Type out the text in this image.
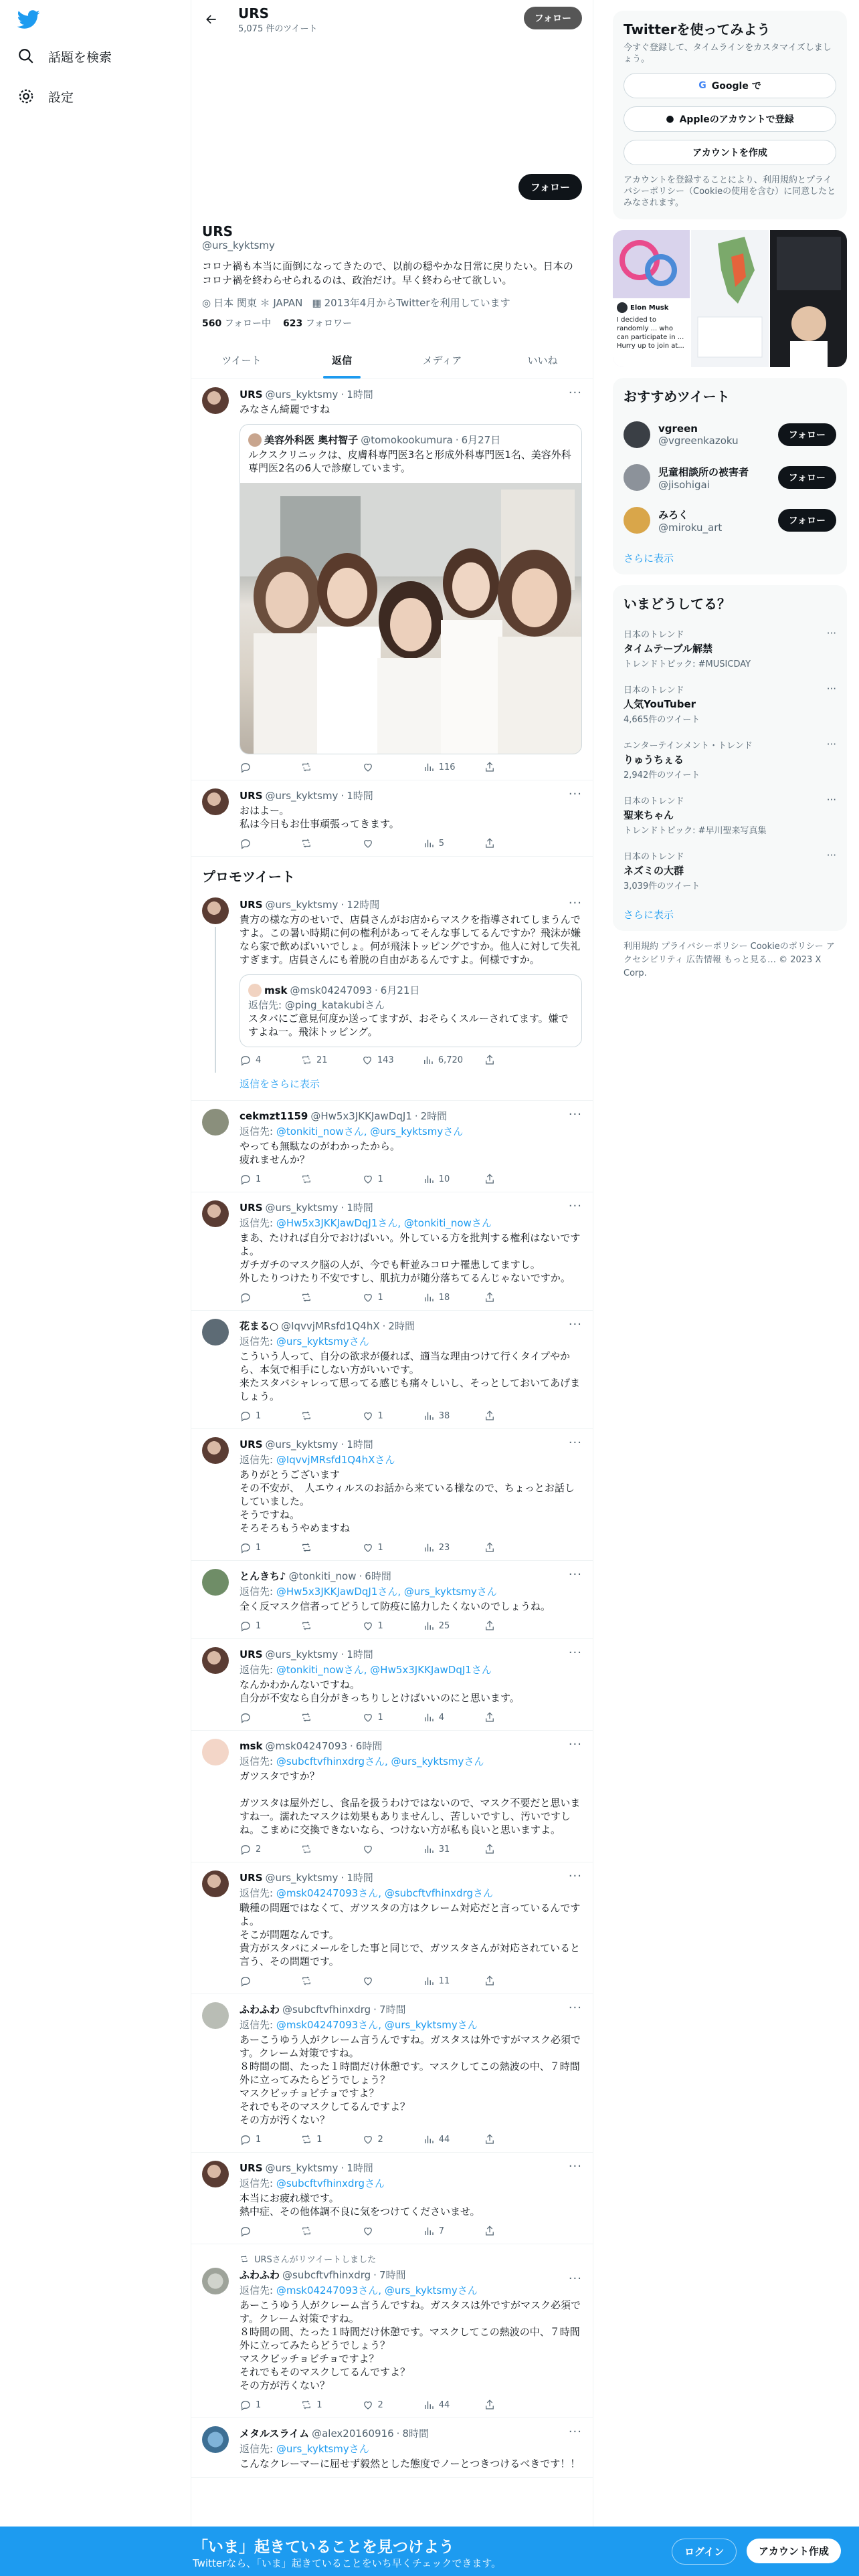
話題を検索
設定
URS
5,075 件のツイート
フォロー
フォロー
URS
@urs_kyktsmy
コロナ禍も本当に面倒になってきたので、以前の穏やかな日常に戻りたい。日本のコロナ禍を終わらせられるのは、政治だけ。早く終わらせて欲しい。
◎ 日本 関東 ＊ JAPAN ▦ 2013年4月からTwitterを利用しています
560 フォロー中 623 フォロワー
ツイート	返信	メディア	いいね
···
URS @urs_kyktsmy · 1時間
みなさん綺麗ですね
美容外科医 奥村智子 @tomokookumura · 6月27日
ルクスクリニックは、皮膚科専門医3名と形成外科専門医1名、美容外科専門医2名の6人で診療しています。
116
···
URS @urs_kyktsmy · 1時間
おはよー。
私は今日もお仕事頑張ってきます。
5
プロモツイート
···
URS @urs_kyktsmy · 12時間
貴方の様な方のせいで、店員さんがお店からマスクを指導されてしまうんですよ。この暑い時期に何の権利があってそんな事してるんですか？飛沫が嫌なら家で飲めばいいでしょ。何が飛沫トッピングですか。他人に対して失礼すぎます。店員さんにも着脱の自由があるんですよ。何様ですか。
msk @msk04247093 · 6月21日
返信先: @ping_katakubiさん
スタバにご意見何度か送ってますが、おそらくスルーされてます。嫌ですよね一。飛沫トッピング。
4	21	143	6,720
返信をさらに表示
···
cekmzt1159 @Hw5x3JKKJawDqJ1 · 2時間
返信先: @tonkiti_nowさん, @urs_kyktsmyさん
やっても無駄なのがわかったから。
疲れませんか？
1	1	10
···
URS @urs_kyktsmy · 1時間
返信先: @Hw5x3JKKJawDqJ1さん, @tonkiti_nowさん
まあ、たければ自分でおけばいい。外している方を批判する権利はないですよ。
ガチガチのマスク脳の人が、今でも軒並みコロナ罹患してますし。
外したりつけたり不安ですし、肌抗力が随分落ちてるんじゃないですか。
1	18
···
花まる○ @IqvvjMRsfd1Q4hX · 2時間
返信先: @urs_kyktsmyさん
こういう人って、自分の欲求が優れば、適当な理由つけて行くタイプやから、本気で相手にしない方がいいです。
来たスタバシャレって思ってる感じも痛々しいし、そっとしておいてあげましょう。
1	1	38
···
URS @urs_kyktsmy · 1時間
返信先: @IqvvjMRsfd1Q4hXさん
ありがとうございます
その不安が、　人エウィルスのお話から来ている様なので、ちょっとお話ししていました。
そうですね。
そろそろもうやめますね
1	1	23
···
とんきち♪ @tonkiti_now · 6時間
返信先: @Hw5x3JKKJawDqJ1さん, @urs_kyktsmyさん
全く反マスク信者ってどうして防疫に協力したくないのでしょうね。
1	1	25
···
URS @urs_kyktsmy · 1時間
返信先: @tonkiti_nowさん, @Hw5x3JKKJawDqJ1さん
なんかわかんないですね。
自分が不安なら自分がきっちりしとけばいいのにと思います。
1	4
···
msk @msk04247093 · 6時間
返信先: @subcftvfhinxdrgさん, @urs_kyktsmyさん
ガツスタですか？

ガツスタは屋外だし、食品を扱うわけではないので、マスク不要だと思いますね一。濡れたマスクは効果もありませんし、苦しいですし、汚いですしね。こまめに交換できないなら、つけない方が私も良いと思いますよ。
2	31
···
URS @urs_kyktsmy · 1時間
返信先: @msk04247093さん, @subcftvfhinxdrgさん
職種の問題ではなくて、ガツスタの方はクレーム対応だと言っているんですよ。
そこが問題なんです。
貴方がスタバにメールをした事と同じで、ガツスタさんが対応されていると言う、その問題です。
11
···
ふわふわ @subcftvfhinxdrg · 7時間
返信先: @msk04247093さん, @urs_kyktsmyさん
あーこうゆう人がクレーム言うんですね。ガスタスは外ですがマスク必須です。クレーム対策ですね。
８時間の間、たった１時間だけ休憩です。マスクしてこの熱波の中、７時間外に立ってみたらどうでしょう？
マスクビッチョビチョですよ？
それでもそのマスクしてるんですよ？
その方が汚くない？
1	1	2	44
···
URS @urs_kyktsmy · 1時間
返信先: @subcftvfhinxdrgさん
本当にお疲れ様です。
熱中症、その他体調不良に気をつけてくださいませ。
7
URSさんがリツイートしました
···
ふわふわ @subcftvfhinxdrg · 7時間
返信先: @msk04247093さん, @urs_kyktsmyさん
あーこうゆう人がクレーム言うんですね。ガスタスは外ですがマスク必須です。クレーム対策ですね。
８時間の間、たった１時間だけ休憩です。マスクしてこの熱波の中、７時間外に立ってみたらどうでしょう？
マスクビッチョビチョですよ？
それでもそのマスクしてるんですよ？
その方が汚くない？
1	1	2	44
···
メタルスライム @alex20160916 · 8時間
返信先: @urs_kyktsmyさん
こんなクレーマーに屈せず毅然とした態度でノーとつきつけるべきです！！
Twitterを使ってみよう
今すぐ登録して、タイムラインをカスタマイズしましょう。
G Google で
● Appleのアカウントで登録
アカウントを作成
アカウントを登録することにより、利用規約とプライバシーポリシー（Cookieの使用を含む）に同意したとみなされます。
Elon Musk
I decided to randomly ... who can participate in ... Hurry up to join at...
おすすめツイート
vgreen
@vgreenkazoku	フォロー
児童相談所の被害者
@jisohigai
フォロー
みろく
@miroku_art
フォロー
さらに表示
いまどうしてる？
···
日本のトレンド
タイムテーブル解禁
トレンドトピック: #MUSICDAY
···
日本のトレンド
人気YouTuber
4,665件のツイート
···
エンターテインメント・トレンド
りゅうちぇる
2,942件のツイート
···
日本のトレンド
聖来ちゃん
トレンドトピック: #早川聖来写真集
···
日本のトレンド
ネズミの大群
3,039件のツイート
さらに表示
利用規約 プライバシーポリシー Cookieのポリシー アクセシビリティ 広告情報 もっと見る… © 2023 X Corp.
「いま」起きていることを見つけよう
Twitterなら、「いま」起きていることをいち早くチェックできます。
ログイン	アカウント作成
